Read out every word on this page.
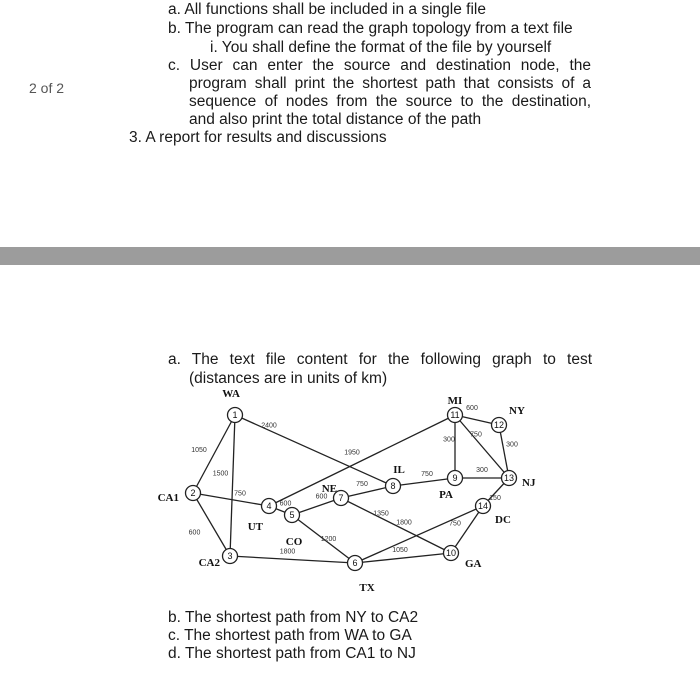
2 of 2
a. All functions shall be included in a single file
b. The program can read the graph topology from a text file
i. You shall define the format of the file by yourself
c. User can enter the source and destination node, the
program shall print the shortest path that consists of a
sequence of nodes from the source to the destination,
and also print the total distance of the path
3. A report for results and discussions
a. The text file content for the following graph to test
(distances are in units of km)
1050
1500
2400
600
750
1800
600
1950
600
1200
750
1350
750
1800
1050
300
300
750
600
750
300
150
1
WA
2
CA1
3
CA2
4
UT
5
CO
6
TX
7
NE	8
IL
9
PA
10
GA
11
MI
12
NY
13 NJ
14
DC
b. The shortest path from NY to CA2
c. The shortest path from WA to GA
d. The shortest path from CA1 to NJ
